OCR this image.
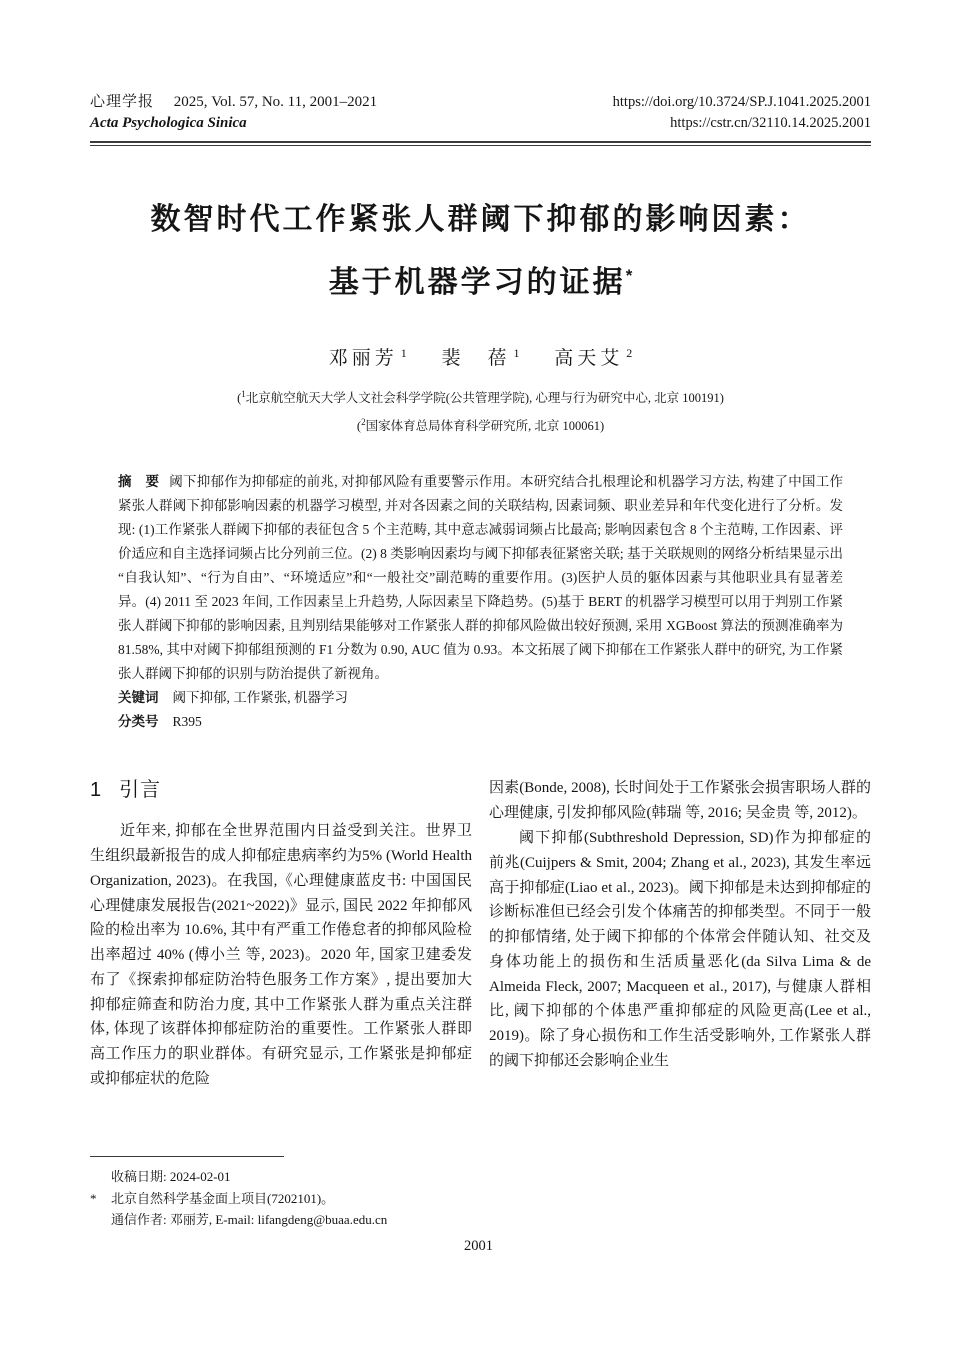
心理学报 2025, Vol. 57, No. 11, 2001–2021
Acta Psychologica Sinica
https://doi.org/10.3724/SP.J.1041.2025.2001
https://cstr.cn/32110.14.2025.2001
数智时代工作紧张人群阈下抑郁的影响因素：
基于机器学习的证据*
邓丽芳 $^1$ 裴　蓓 $^1$ 高天艾 $^2$
($^1$北京航空航天大学人文社会科学学院(公共管理学院), 心理与行为研究中心, 北京 100191)
($^2$国家体育总局体育科学研究所, 北京 100061)
摘　要 阈下抑郁作为抑郁症的前兆, 对抑郁风险有重要警示作用。本研究结合扎根理论和机器学习方法, 构建了中国工作紧张人群阈下抑郁影响因素的机器学习模型, 并对各因素之间的关联结构, 因素词频、职业差异和年代变化进行了分析。发现: (1)工作紧张人群阈下抑郁的表征包含 5 个主范畴, 其中意志减弱词频占比最高; 影响因素包含 8 个主范畴, 工作因素、评价适应和自主选择词频占比分列前三位。(2) 8 类影响因素均与阈下抑郁表征紧密关联; 基于关联规则的网络分析结果显示出“自我认知”、“行为自由”、“环境适应”和“一般社交”副范畴的重要作用。(3)医护人员的躯体因素与其他职业具有显著差异。(4) 2011 至 2023 年间, 工作因素呈上升趋势, 人际因素呈下降趋势。(5)基于 BERT 的机器学习模型可以用于判别工作紧张人群阈下抑郁的影响因素, 且判别结果能够对工作紧张人群的抑郁风险做出较好预测, 采用 XGBoost 算法的预测准确率为 81.58%, 其中对阈下抑郁组预测的 F1 分数为 0.90, AUC 值为 0.93。本文拓展了阈下抑郁在工作紧张人群中的研究, 为工作紧张人群阈下抑郁的识别与防治提供了新视角。
关键词 阈下抑郁, 工作紧张, 机器学习
分类号 R395
1 引言

近年来, 抑郁在全世界范围内日益受到关注。世界卫生组织最新报告的成人抑郁症患病率约为5% (World Health Organization, 2023)。在我国,《心理健康蓝皮书: 中国国民心理健康发展报告(2021~2022)》显示, 国民 2022 年抑郁风险的检出率为 10.6%, 其中有严重工作倦怠者的抑郁风险检出率超过 40% (傅小兰 等, 2023)。2020 年, 国家卫建委发布了《探索抑郁症防治特色服务工作方案》, 提出要加大抑郁症筛查和防治力度, 其中工作紧张人群为重点关注群体, 体现了该群体抑郁症防治的重要性。工作紧张人群即高工作压力的职业群体。有研究显示, 工作紧张是抑郁症或抑郁症状的危险

因素(Bonde, 2008), 长时间处于工作紧张会损害职场人群的心理健康, 引发抑郁风险(韩瑞 等, 2016; 吴金贵 等, 2012)。

阈下抑郁(Subthreshold Depression, SD)作为抑郁症的前兆(Cuijpers & Smit, 2004; Zhang et al., 2023), 其发生率远高于抑郁症(Liao et al., 2023)。阈下抑郁是未达到抑郁症的诊断标准但已经会引发个体痛苦的抑郁类型。不同于一般的抑郁情绪, 处于阈下抑郁的个体常会伴随认知、社交及身体功能上的损伤和生活质量恶化(da Silva Lima & de Almeida Fleck, 2007; Macqueen et al., 2017), 与健康人群相比, 阈下抑郁的个体患严重抑郁症的风险更高(Lee et al., 2019)。除了身心损伤和工作生活受影响外, 工作紧张人群的阈下抑郁还会影响企业生

收稿日期: 2024-02-01
* 北京自然科学基金面上项目(7202101)。
通信作者: 邓丽芳, E-mail: lifangdeng@buaa.edu.cn
2001
